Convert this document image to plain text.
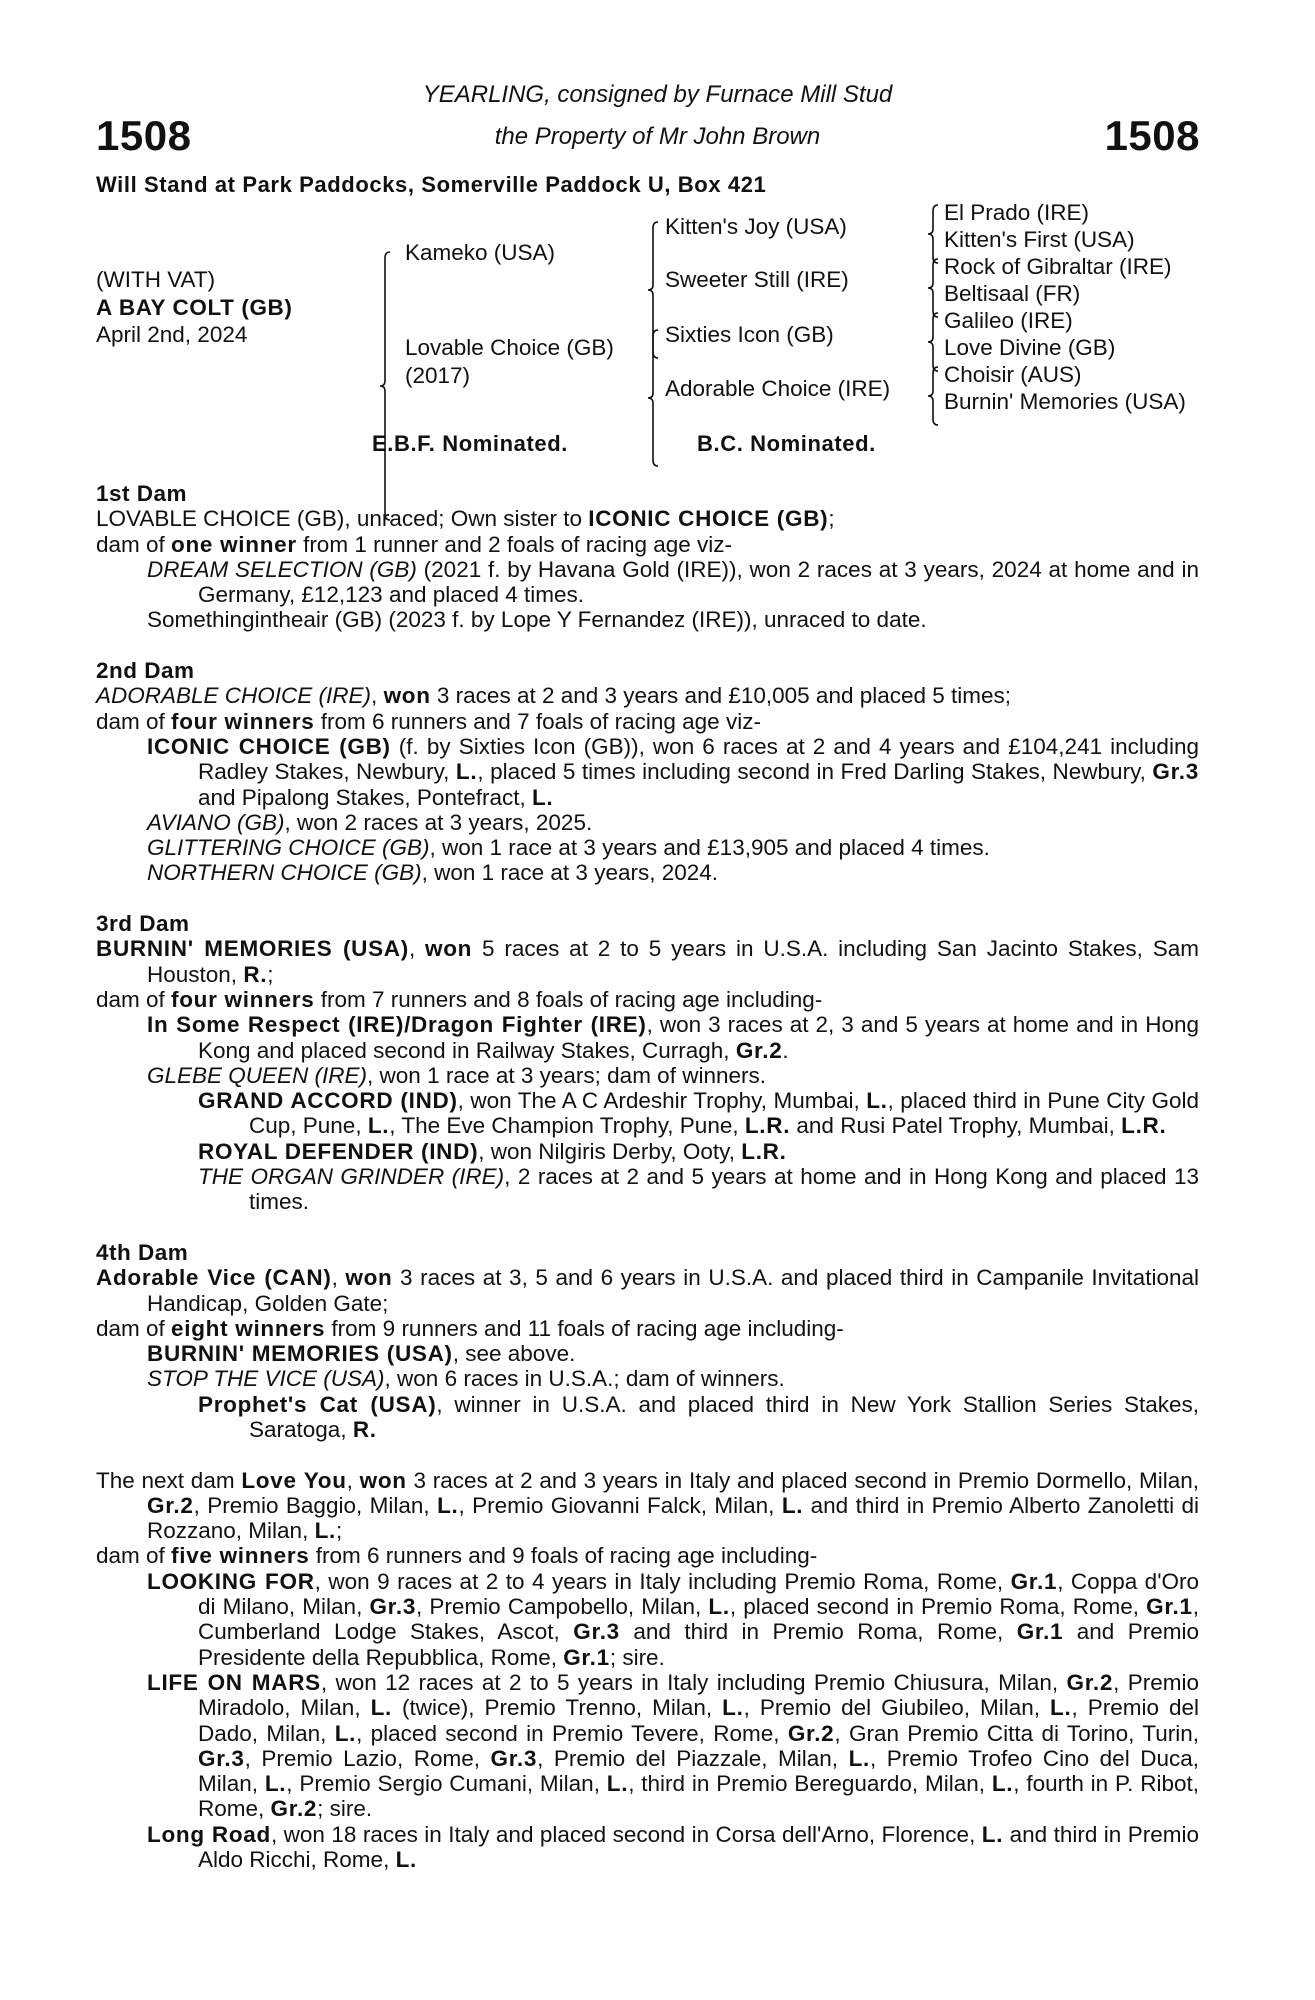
1508	1508
YEARLING, consigned by Furnace Mill Stud
the Property of Mr John Brown
Will Stand at Park Paddocks, Somerville Paddock U, Box 421
(WITH VAT)
A BAY COLT (GB)
April 2nd, 2024
Kameko (USA)
Lovable Choice (GB)
(2017)
Kitten's Joy (USA)
Sweeter Still (IRE)
Sixties Icon (GB)
Adorable Choice (IRE)
El Prado (IRE)
Kitten's First (USA)
Rock of Gibraltar (IRE)
Beltisaal (FR)
Galileo (IRE)
Love Divine (GB)
Choisir (AUS)
Burnin' Memories (USA)
E.B.F. Nominated.	B.C. Nominated.
1st Dam
LOVABLE CHOICE (GB), unraced; Own sister to ICONIC CHOICE (GB);
dam of one winner from 1 runner and 2 foals of racing age viz-
DREAM SELECTION (GB) (2021 f. by Havana Gold (IRE)), won 2 races at 3 years, 2024 at home and in Germany, £12,123 and placed 4 times.
Somethingintheair (GB) (2023 f. by Lope Y Fernandez (IRE)), unraced to date.
2nd Dam
ADORABLE CHOICE (IRE), won 3 races at 2 and 3 years and £10,005 and placed 5 times;
dam of four winners from 6 runners and 7 foals of racing age viz-
ICONIC CHOICE (GB) (f. by Sixties Icon (GB)), won 6 races at 2 and 4 years and £104,241 including Radley Stakes, Newbury, L., placed 5 times including second in Fred Darling Stakes, Newbury, Gr.3 and Pipalong Stakes, Pontefract, L.
AVIANO (GB), won 2 races at 3 years, 2025.
GLITTERING CHOICE (GB), won 1 race at 3 years and £13,905 and placed 4 times.
NORTHERN CHOICE (GB), won 1 race at 3 years, 2024.
3rd Dam
BURNIN' MEMORIES (USA), won 5 races at 2 to 5 years in U.S.A. including San Jacinto Stakes, Sam Houston, R.;
dam of four winners from 7 runners and 8 foals of racing age including-
In Some Respect (IRE)/Dragon Fighter (IRE), won 3 races at 2, 3 and 5 years at home and in Hong Kong and placed second in Railway Stakes, Curragh, Gr.2.
GLEBE QUEEN (IRE), won 1 race at 3 years; dam of winners.
GRAND ACCORD (IND), won The A C Ardeshir Trophy, Mumbai, L., placed third in Pune City Gold Cup, Pune, L., The Eve Champion Trophy, Pune, L.R. and Rusi Patel Trophy, Mumbai, L.R.
ROYAL DEFENDER (IND), won Nilgiris Derby, Ooty, L.R.
THE ORGAN GRINDER (IRE), 2 races at 2 and 5 years at home and in Hong Kong and placed 13 times.
4th Dam
Adorable Vice (CAN), won 3 races at 3, 5 and 6 years in U.S.A. and placed third in Campanile Invitational Handicap, Golden Gate;
dam of eight winners from 9 runners and 11 foals of racing age including-
BURNIN' MEMORIES (USA), see above.
STOP THE VICE (USA), won 6 races in U.S.A.; dam of winners.
Prophet's Cat (USA), winner in U.S.A. and placed third in New York Stallion Series Stakes, Saratoga, R.
The next dam Love You, won 3 races at 2 and 3 years in Italy and placed second in Premio Dormello, Milan, Gr.2, Premio Baggio, Milan, L., Premio Giovanni Falck, Milan, L. and third in Premio Alberto Zanoletti di Rozzano, Milan, L.;
dam of five winners from 6 runners and 9 foals of racing age including-
LOOKING FOR, won 9 races at 2 to 4 years in Italy including Premio Roma, Rome, Gr.1, Coppa d'Oro di Milano, Milan, Gr.3, Premio Campobello, Milan, L., placed second in Premio Roma, Rome, Gr.1, Cumberland Lodge Stakes, Ascot, Gr.3 and third in Premio Roma, Rome, Gr.1 and Premio Presidente della Repubblica, Rome, Gr.1; sire.
LIFE ON MARS, won 12 races at 2 to 5 years in Italy including Premio Chiusura, Milan, Gr.2, Premio Miradolo, Milan, L. (twice), Premio Trenno, Milan, L., Premio del Giubileo, Milan, L., Premio del Dado, Milan, L., placed second in Premio Tevere, Rome, Gr.2, Gran Premio Citta di Torino, Turin, Gr.3, Premio Lazio, Rome, Gr.3, Premio del Piazzale, Milan, L., Premio Trofeo Cino del Duca, Milan, L., Premio Sergio Cumani, Milan, L., third in Premio Bereguardo, Milan, L., fourth in P. Ribot, Rome, Gr.2; sire.
Long Road, won 18 races in Italy and placed second in Corsa dell'Arno, Florence, L. and third in Premio Aldo Ricchi, Rome, L.
